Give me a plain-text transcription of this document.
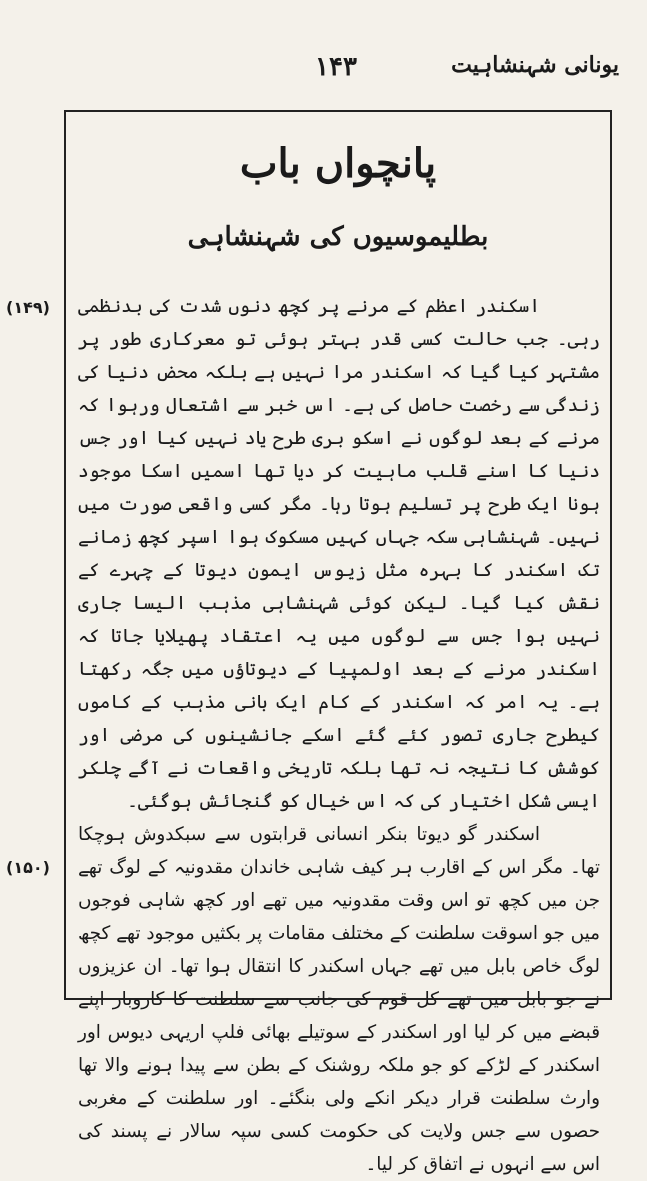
۱۴۳	یونانی شہنشاہیت
پانچواں باب
بطلیموسیوں کی شہنشاہی

اسکندر اعظم کے مرنے پر کچھ دنوں شدت کی بدنظمی رہی۔ جب حالت کسی قدر بہتر ہوئی تو معرکاری طور پر مشتہر کیا گیا کہ اسکندر مرا نہیں ہے بلکہ محض دنیا کی زندگی سے رخصت حاصل کی ہے۔ اس خبر سے اشتعال ورہوا کہ مرنے کے بعد لوگوں نے اسکو بری طرح یاد نہیں کیا اور جس دنیا کا اسنے قلب ماہیت کر دیا تھا اسمیں اسکا موجود ہونا ایک طرح پر تسلیم ہوتا رہا۔ مگر کسی واقعی صورت میں نہیں۔ شہنشاہی سکہ جہاں کہیں مسکوک ہوا اسپر کچھ زمانے تک اسکندر کا بہرہ مثل زیوس ایمون دیوتا کے چہرے کے نقش کیا گیا۔ لیکن کوئی شہنشاہی مذہب الیسا جاری نہیں ہوا جس سے لوگوں میں یہ اعتقاد پھیلایا جاتا کہ اسکندر مرنے کے بعد اولمپیا کے دیوتاؤں میں جگہ رکھتا ہے۔ یہ امر کہ اسکندر کے کام ایک بانی مذہب کے کاموں کیطرح جاری تصور کئے گئے اسکے جانشینوں کی مرضی اور کوشش کا نتیجہ نہ تھا بلکہ تاریخی واقعات نے آگے چلکر ایسی شکل اختیار کی کہ اس خیال کو گنجائش ہوگئی۔

اسکندر گو دیوتا بنکر انسانی قرابتوں سے سبکدوش ہوچکا تھا۔ مگر اس کے اقارب ہر کیف شاہی خاندان مقدونیہ کے لوگ تھے جن میں کچھ تو اس وقت مقدونیہ میں تھے اور کچھ شاہی فوجوں میں جو اسوقت سلطنت کے مختلف مقامات پر بکثیں موجود تھے کچھ لوگ خاص بابل میں تھے جہاں اسکندر کا انتقال ہوا تھا۔ ان عزیزوں نے جو بابل میں تھے کل قوم کی جانب سے سلطنت کا کاروبار اپنے قبضے میں کر لیا اور اسکندر کے سوتیلے بھائی فلپ اریہی دیوس اور اسکندر کے لڑکے کو جو ملکہ روشنک کے بطن سے پیدا ہونے والا تھا وارث سلطنت قرار دیکر انکے ولی بنگئے۔ اور سلطنت کے مغربی حصوں سے جس ولایت کی حکومت کسی سپہ سالار نے پسند کی اس سے انہوں نے اتفاق کر لیا۔

(۱۴۹)
(۱۵۰)
